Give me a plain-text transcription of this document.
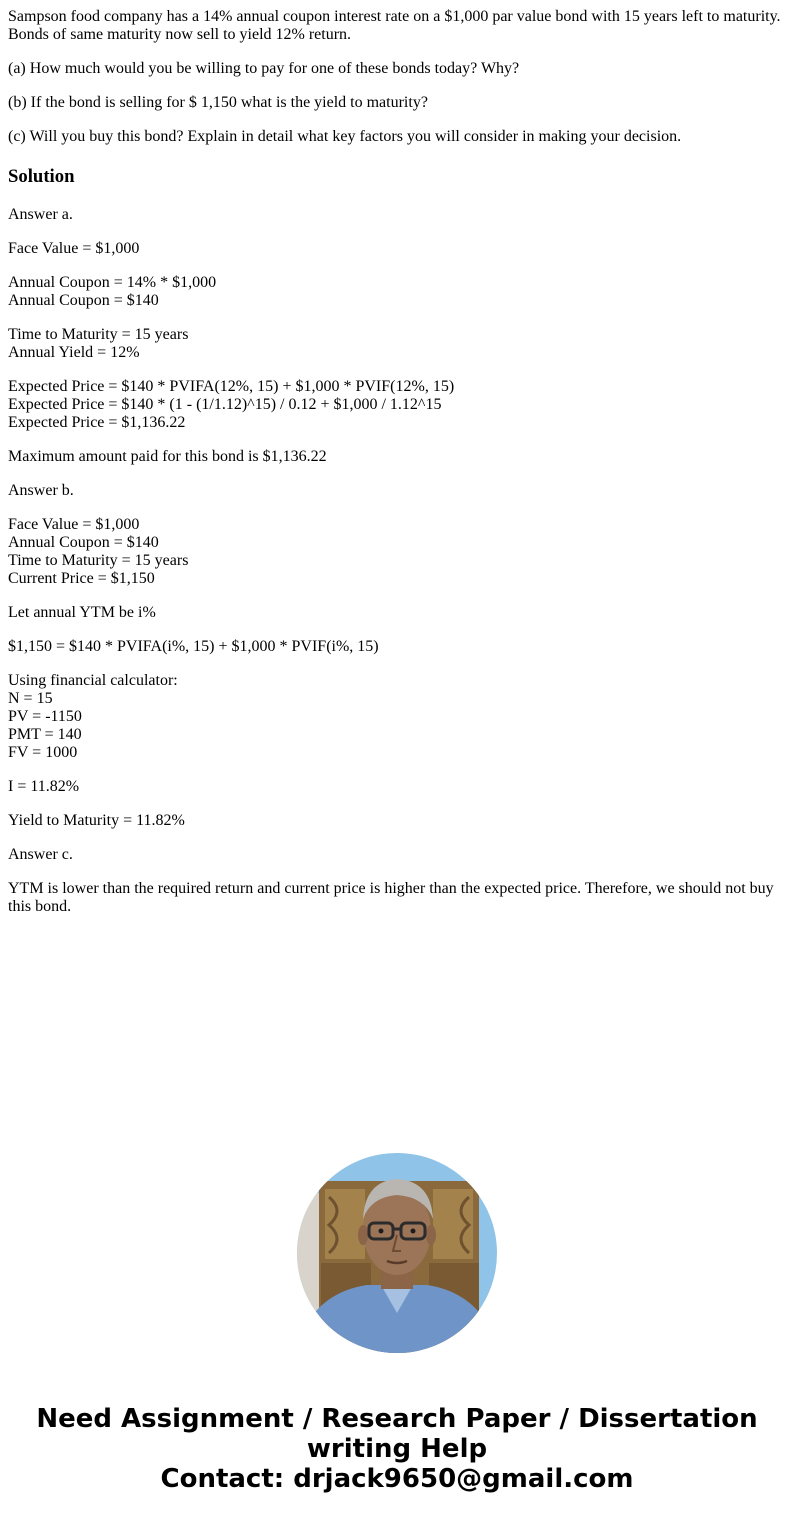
Sampson food company has a 14% annual coupon interest rate on a $1,000 par value bond with 15 years left to maturity. Bonds of same maturity now sell to yield 12% return.

(a) How much would you be willing to pay for one of these bonds today? Why?

(b) If the bond is selling for $ 1,150 what is the yield to maturity?

(c) Will you buy this bond? Explain in detail what key factors you will consider in making your decision.

Solution

Answer a.

Face Value = $1,000

Annual Coupon = 14% * $1,000
Annual Coupon = $140

Time to Maturity = 15 years
Annual Yield = 12%

Expected Price = $140 * PVIFA(12%, 15) + $1,000 * PVIF(12%, 15)
Expected Price = $140 * (1 - (1/1.12)^15) / 0.12 + $1,000 / 1.12^15
Expected Price = $1,136.22

Maximum amount paid for this bond is $1,136.22

Answer b.

Face Value = $1,000
Annual Coupon = $140
Time to Maturity = 15 years
Current Price = $1,150

Let annual YTM be i%

$1,150 = $140 * PVIFA(i%, 15) + $1,000 * PVIF(i%, 15)

Using financial calculator:
N = 15
PV = -1150
PMT = 140
FV = 1000

I = 11.82%

Yield to Maturity = 11.82%

Answer c.

YTM is lower than the required return and current price is higher than the expected price. Therefore, we should not buy this bond.

Need Assignment / Research Paper / Dissertation
writing Help
Contact: drjack9650@gmail.com
